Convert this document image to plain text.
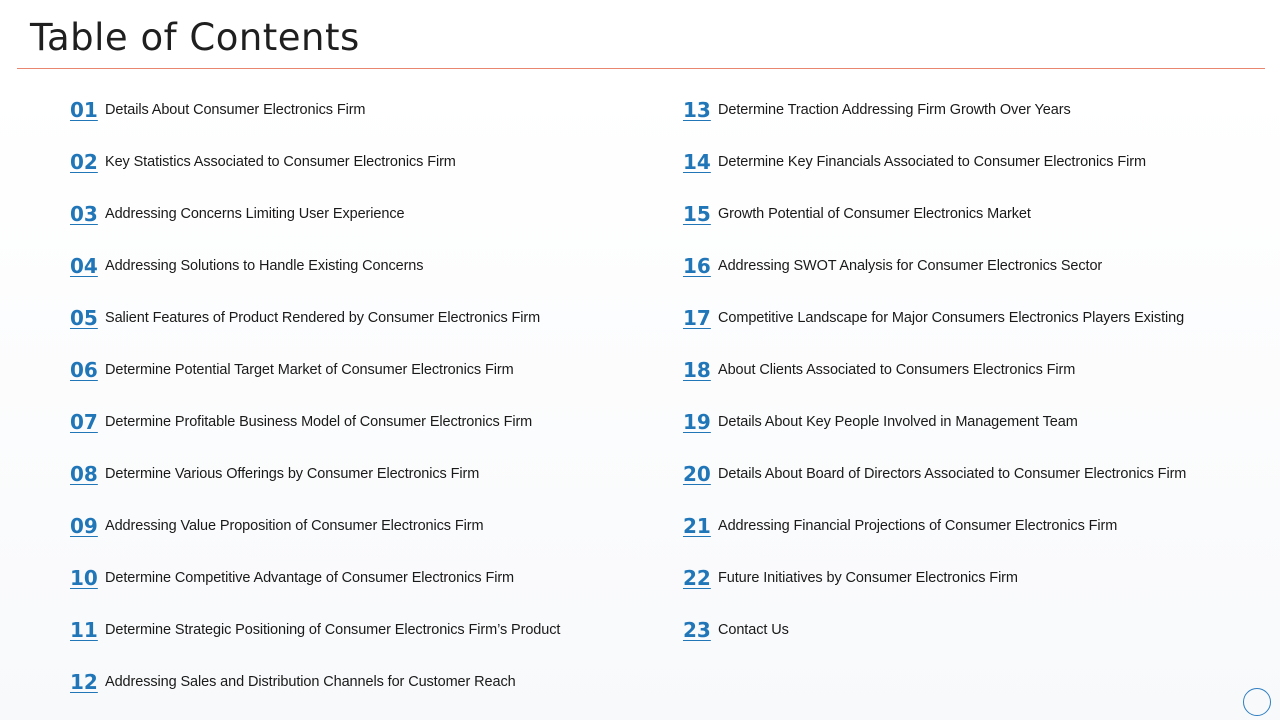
Table of Contents
01 Details About Consumer Electronics Firm
02 Key Statistics Associated to Consumer Electronics Firm
03 Addressing Concerns Limiting User Experience
04 Addressing Solutions to Handle Existing Concerns
05 Salient Features of Product Rendered by Consumer Electronics Firm
06 Determine Potential Target Market of Consumer Electronics Firm
07 Determine Profitable Business Model of Consumer Electronics Firm
08 Determine Various Offerings by Consumer Electronics Firm
09 Addressing Value Proposition of Consumer Electronics Firm
10 Determine Competitive Advantage of Consumer Electronics Firm
11 Determine Strategic Positioning of Consumer Electronics Firm’s Product
12 Addressing Sales and Distribution Channels for Customer Reach
13 Determine Traction Addressing Firm Growth Over Years
14 Determine Key Financials Associated to Consumer Electronics Firm
15 Growth Potential of Consumer Electronics Market
16 Addressing SWOT Analysis for Consumer Electronics Sector
17 Competitive Landscape for Major Consumers Electronics Players Existing
18 About Clients Associated to Consumers Electronics Firm
19 Details About Key People Involved in Management Team
20 Details About Board of Directors Associated to Consumer Electronics Firm
21 Addressing Financial Projections of Consumer Electronics Firm
22 Future Initiatives by Consumer Electronics Firm
23 Contact Us
